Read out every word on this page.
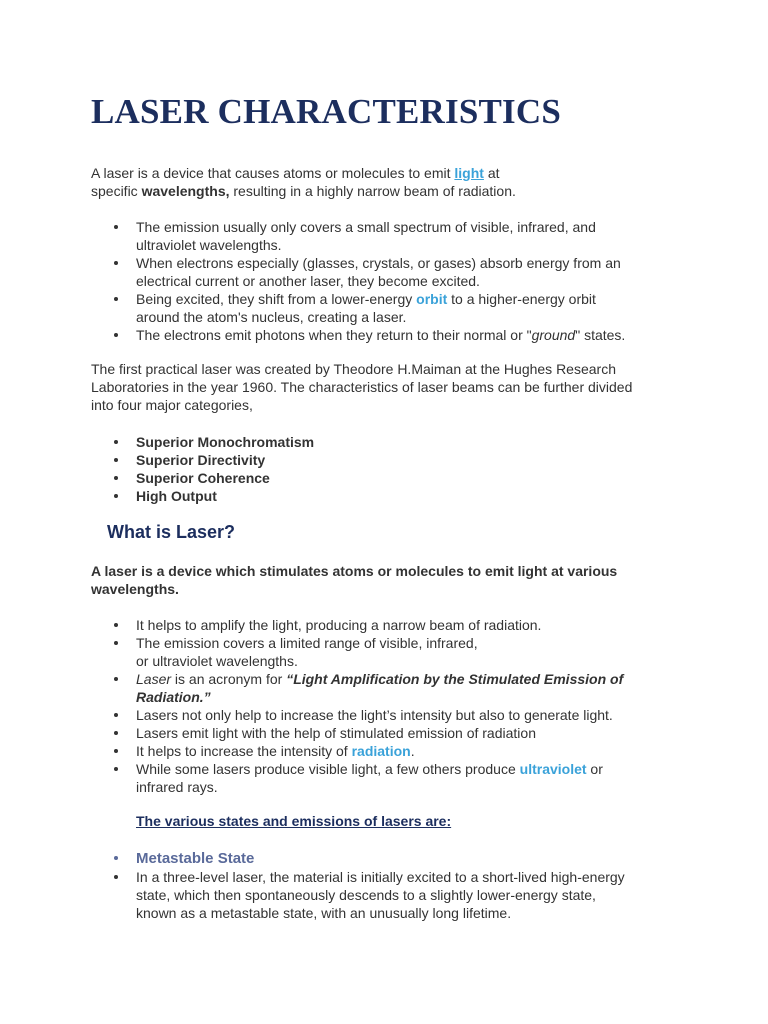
LASER CHARACTERISTICS

A laser is a device that causes atoms or molecules to emit light at
specific wavelengths, resulting in a highly narrow beam of radiation.

The emission usually only covers a small spectrum of visible, infrared, and
ultraviolet wavelengths.
When electrons especially (glasses, crystals, or gases) absorb energy from an
electrical current or another laser, they become excited.
Being excited, they shift from a lower-energy orbit to a higher-energy orbit
around the atom's nucleus, creating a laser.
The electrons emit photons when they return to their normal or "ground" states.

The first practical laser was created by Theodore H.Maiman at the Hughes Research
Laboratories in the year 1960. The characteristics of laser beams can be further divided
into four major categories,

Superior Monochromatism
Superior Directivity
Superior Coherence
High Output
What is Laser?

A laser is a device which stimulates atoms or molecules to emit light at various
wavelengths.

It helps to amplify the light, producing a narrow beam of radiation.
The emission covers a limited range of visible, infrared,
or ultraviolet wavelengths.
Laser is an acronym for “Light Amplification by the Stimulated Emission of
Radiation.”
Lasers not only help to increase the light’s intensity but also to generate light.
Lasers emit light with the help of stimulated emission of radiation
It helps to increase the intensity of radiation.
While some lasers produce visible light, a few others produce ultraviolet or
infrared rays.

The various states and emissions of lasers are:

Metastable State
In a three-level laser, the material is initially excited to a short-lived high-energy
state, which then spontaneously descends to a slightly lower-energy state,
known as a metastable state, with an unusually long lifetime.
